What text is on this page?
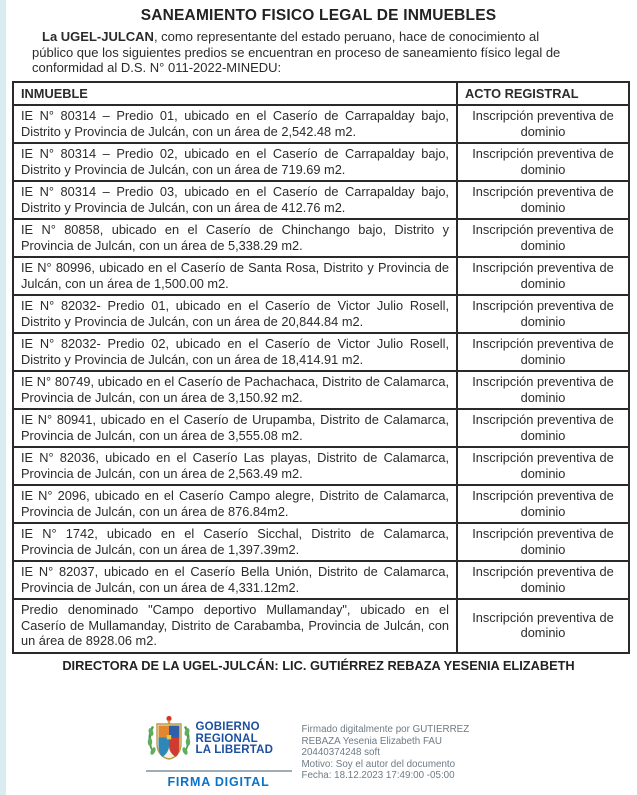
SANEAMIENTO FISICO LEGAL DE INMUEBLES

La UGEL-JULCAN, como representante del estado peruano, hace de conocimiento al público que los siguientes predios se encuentran en proceso de saneamiento físico legal de conformidad al D.S. N° 011-2022-MINEDU:

INMUEBLE	ACTO REGISTRAL
IE N° 80314 – Predio 01, ubicado en el Caserío de Carrapalday bajo, Distrito y Provincia de Julcán, con un área de 2,542.48 m2.	Inscripción preventiva de dominio
IE N° 80314 – Predio 02, ubicado en el Caserío de Carrapalday bajo, Distrito y Provincia de Julcán, con un área de 719.69 m2.	Inscripción preventiva de dominio
IE N° 80314 – Predio 03, ubicado en el Caserío de Carrapalday bajo, Distrito y Provincia de Julcán, con un área de 412.76 m2.	Inscripción preventiva de dominio
IE N° 80858, ubicado en el Caserío de Chinchango bajo, Distrito y Provincia de Julcán, con un área de 5,338.29 m2.	Inscripción preventiva de dominio
IE N° 80996, ubicado en el Caserío de Santa Rosa, Distrito y Provincia de Julcán, con un área de 1,500.00 m2.	Inscripción preventiva de dominio
IE N° 82032- Predio 01, ubicado en el Caserío de Victor Julio Rosell, Distrito y Provincia de Julcán, con un área de 20,844.84 m2.	Inscripción preventiva de dominio
IE N° 82032- Predio 02, ubicado en el Caserío de Victor Julio Rosell, Distrito y Provincia de Julcán, con un área de 18,414.91 m2.	Inscripción preventiva de dominio
IE N° 80749, ubicado en el Caserío de Pachachaca, Distrito de Calamarca, Provincia de Julcán, con un área de 3,150.92 m2.	Inscripción preventiva de dominio
IE N° 80941, ubicado en el Caserío de Urupamba, Distrito de Calamarca, Provincia de Julcán, con un área de 3,555.08 m2.	Inscripción preventiva de dominio
IE N° 82036, ubicado en el Caserío Las playas, Distrito de Calamarca, Provincia de Julcán, con un área de 2,563.49 m2.	Inscripción preventiva de dominio
IE N° 2096, ubicado en el Caserío Campo alegre, Distrito de Calamarca, Provincia de Julcán, con un área de 876.84m2.	Inscripción preventiva de dominio
IE N° 1742, ubicado en el Caserío Sicchal, Distrito de Calamarca, Provincia de Julcán, con un área de 1,397.39m2.	Inscripción preventiva de dominio
IE N° 82037, ubicado en el Caserío Bella Unión, Distrito de Calamarca, Provincia de Julcán, con un área de 4,331.12m2.	Inscripción preventiva de dominio
Predio denominado "Campo deportivo Mullamanday", ubicado en el Caserío de Mullamanday, Distrito de Carabamba, Provincia de Julcán, con un área de 8928.06 m2.	Inscripción preventiva de dominio
DIRECTORA DE LA UGEL-JULCÁN: LIC. GUTIÉRREZ REBAZA YESENIA ELIZABETH
GOBIERNO
REGIONAL
LA LIBERTAD
FIRMA DIGITAL
Firmado digitalmente por GUTIERREZ
REBAZA Yesenia Elizabeth FAU
20440374248 soft
Motivo: Soy el autor del documento
Fecha: 18.12.2023 17:49:00 -05:00
